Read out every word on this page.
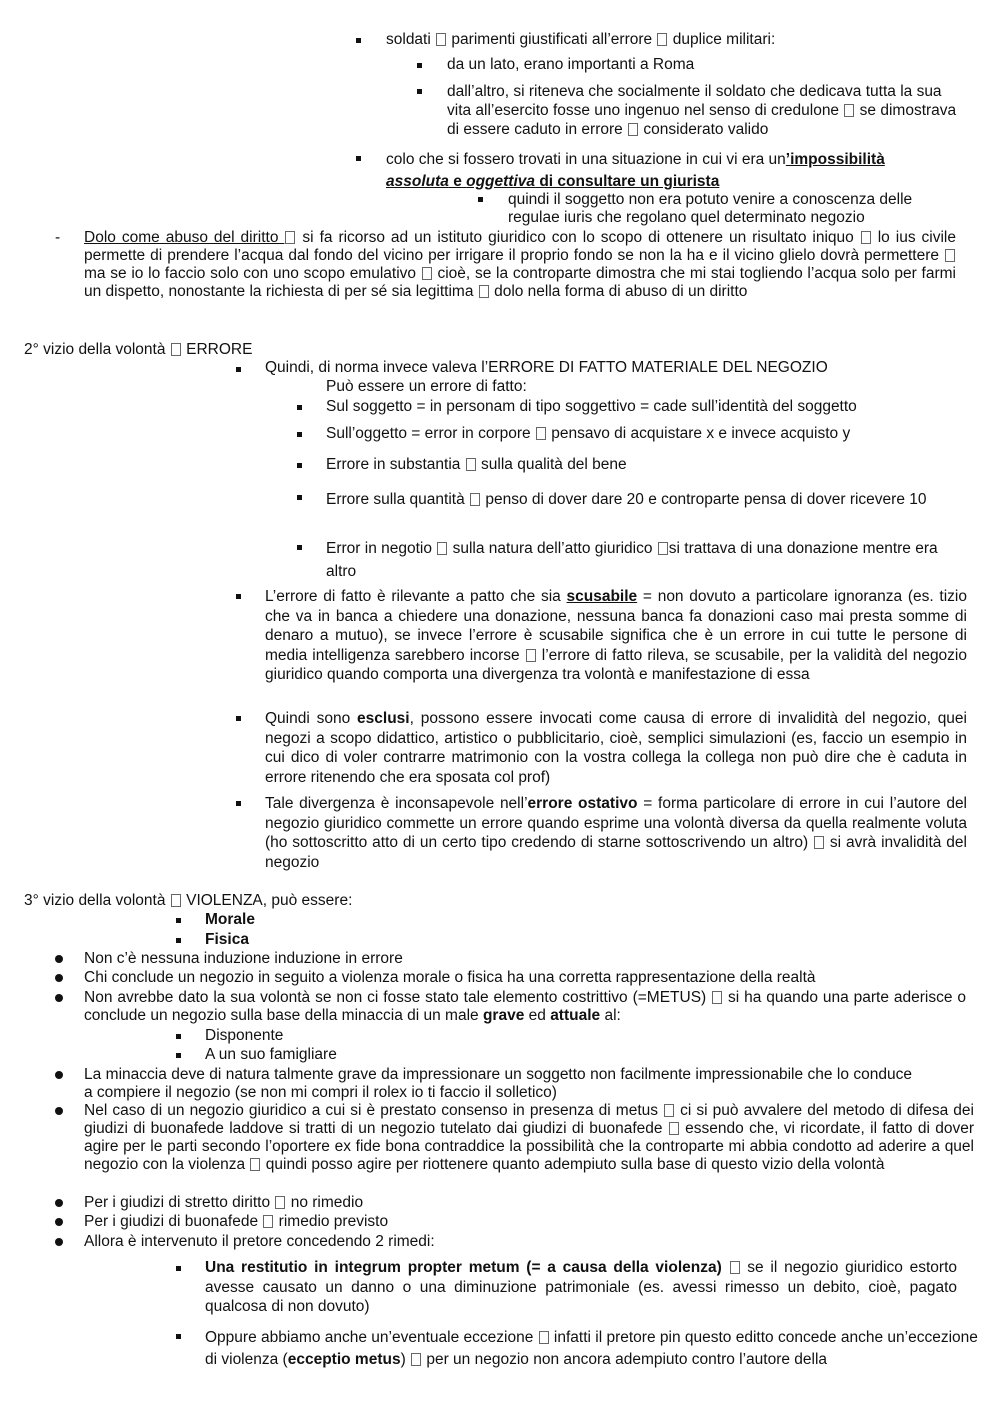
soldati  parimenti giustificati all’errore  duplice militari:
da un lato, erano importanti a Roma
dall’altro, si riteneva che socialmente il soldato che dedicava tutta la sua vita all’esercito fosse uno ingenuo nel senso di credulone  se dimostrava di essere caduto in errore  considerato valido
colo che si fossero trovati in una situazione in cui vi era un’impossibilità assoluta e oggettiva di consultare un giurista
quindi il soggetto non era potuto venire a conoscenza delle regulae iuris che regolano quel determinato negozio
- Dolo come abuso del diritto  si fa ricorso ad un istituto giuridico con lo scopo di ottenere un risultato iniquo  lo ius civile permette di prendere l’acqua dal fondo del vicino per irrigare il proprio fondo se non la ha e il vicino glielo dovrà permettere  ma se io lo faccio solo con uno scopo emulativo  cioè, se la controparte dimostra che mi stai togliendo l’acqua solo per farmi un dispetto, nonostante la richiesta di per sé sia legittima  dolo nella forma di abuso di un diritto
2° vizio della volontà  ERRORE
Quindi, di norma invece valeva l’ERRORE DI FATTO MATERIALE DEL NEGOZIO
Può essere un errore di fatto:
Sul soggetto = in personam di tipo soggettivo = cade sull’identità del soggetto
Sull’oggetto = error in corpore  pensavo di acquistare x e invece acquisto y
Errore in substantia  sulla qualità del bene
Errore sulla quantità  penso di dover dare 20 e controparte pensa di dover ricevere 10
Error in negotio  sulla natura dell’atto giuridico si trattava di una donazione mentre era altro
L’errore di fatto è rilevante a patto che sia scusabile = non dovuto a particolare ignoranza (es. tizio che va in banca a chiedere una donazione, nessuna banca fa donazioni caso mai presta somme di denaro a mutuo), se invece l’errore è scusabile significa che è un errore in cui tutte le persone di media intelligenza sarebbero incorse  l’errore di fatto rileva, se scusabile, per la validità del negozio giuridico quando comporta una divergenza tra volontà e manifestazione di essa
Quindi sono esclusi, possono essere invocati come causa di errore di invalidità del negozio, quei negozi a scopo didattico, artistico o pubblicitario, cioè, semplici simulazioni (es, faccio un esempio in cui dico di voler contrarre matrimonio con la vostra collega la collega non può dire che è caduta in errore ritenendo che era sposata col prof)
Tale divergenza è inconsapevole nell’errore ostativo = forma particolare di errore in cui l’autore del negozio giuridico commette un errore quando esprime una volontà diversa da quella realmente voluta (ho sottoscritto atto di un certo tipo credendo di starne sottoscrivendo un altro)  si avrà invalidità del negozio
3° vizio della volontà  VIOLENZA, può essere:
Morale
Fisica
Non c’è nessuna induzione induzione in errore
Chi conclude un negozio in seguito a violenza morale o fisica ha una corretta rappresentazione della realtà
Non avrebbe dato la sua volontà se non ci fosse stato tale elemento costrittivo (=METUS)  si ha quando una parte aderisce o conclude un negozio sulla base della minaccia di un male grave ed attuale al:
Disponente
A un suo famigliare
La minaccia deve di natura talmente grave da impressionare un soggetto non facilmente impressionabile che lo conduce a compiere il negozio (se non mi compri il rolex io ti faccio il solletico)
Nel caso di un negozio giuridico a cui si è prestato consenso in presenza di metus  ci si può avvalere del metodo di difesa dei giudizi di buonafede laddove si tratti di un negozio tutelato dai giudizi di buonafede  essendo che, vi ricordate, il fatto di dover agire per le parti secondo l’oportere ex fide bona contraddice la possibilità che la controparte mi abbia condotto ad aderire a quel negozio con la violenza  quindi posso agire per riottenere quanto adempiuto sulla base di questo vizio della volontà
Per i giudizi di stretto diritto  no rimedio
Per i giudizi di buonafede  rimedio previsto
Allora è intervenuto il pretore concedendo 2 rimedi:
Una restitutio in integrum propter metum (= a causa della violenza)  se il negozio giuridico estorto avesse causato un danno o una diminuzione patrimoniale (es. avessi rimesso un debito, cioè, pagato qualcosa di non dovuto)
Oppure abbiamo anche un’eventuale eccezione  infatti il pretore pin questo editto concede anche un’eccezione di violenza (ecceptio metus)  per un negozio non ancora adempiuto contro l’autore della
